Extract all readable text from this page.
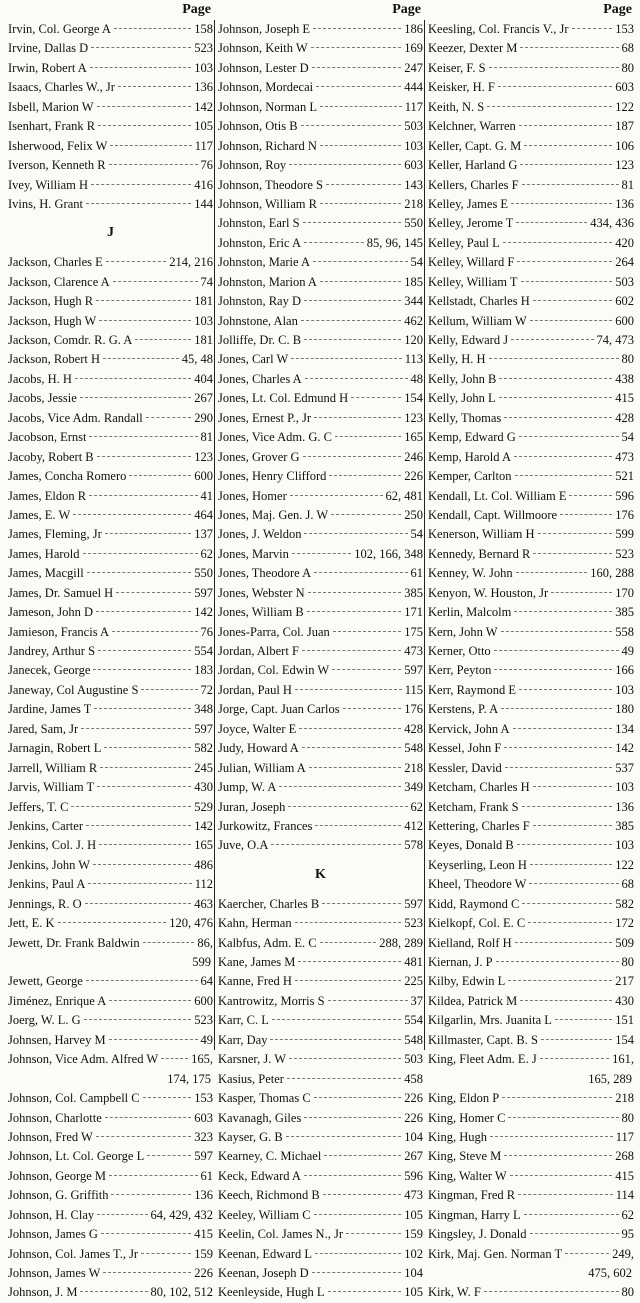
Page
Irvin, Col. George A	158
Irvine, Dallas D	523
Irwin, Robert A	103
Isaacs, Charles W., Jr	136
Isbell, Marion W	142
Isenhart, Frank R	105
Isherwood, Felix W	117
Iverson, Kenneth R	76
Ivey, William H	416
Ivins, H. Grant	144
J
Jackson, Charles E	214, 216
Jackson, Clarence A	74
Jackson, Hugh R	181
Jackson, Hugh W	103
Jackson, Comdr. R. G. A	181
Jackson, Robert H	45, 48
Jacobs, H. H	404
Jacobs, Jessie	267
Jacobs, Vice Adm. Randall	290
Jacobson, Ernst	81
Jacoby, Robert B	123
James, Concha Romero	600
James, Eldon R	41
James, E. W	464
James, Fleming, Jr	137
James, Harold	62
James, Macgill	550
James, Dr. Samuel H	597
Jameson, John D	142
Jamieson, Francis A	76
Jandrey, Arthur S	554
Janecek, George	183
Janeway, Col Augustine S	72
Jardine, James T	348
Jared, Sam, Jr	597
Jarnagin, Robert L	582
Jarrell, William R	245
Jarvis, William T	430
Jeffers, T. C	529
Jenkins, Carter	142
Jenkins, Col. J. H	165
Jenkins, John W	486
Jenkins, Paul A	112
Jennings, R. O	463
Jett, E. K	120, 476
Jewett, Dr. Frank Baldwin	86,
599
Jewett, George	64
Jiménez, Enrique A	600
Joerg, W. L. G	523
Johnsen, Harvey M	49
Johnson, Vice Adm. Alfred W	165,
174, 175
Johnson, Col. Campbell C	153
Johnson, Charlotte	603
Johnson, Fred W	323
Johnson, Lt. Col. George L	597
Johnson, George M	61
Johnson, G. Griffith	136
Johnson, H. Clay	64, 429, 432
Johnson, James G	415
Johnson, Col. James T., Jr	159
Johnson, James W	226
Johnson, J. M	80, 102, 512
Page
Johnson, Joseph E	186
Johnson, Keith W	169
Johnson, Lester D	247
Johnson, Mordecai	444
Johnson, Norman L	117
Johnson, Otis B	503
Johnson, Richard N	103
Johnson, Roy	603
Johnson, Theodore S	143
Johnson, William R	218
Johnston, Earl S	550
Johnston, Eric A	85, 96, 145
Johnston, Marie A	54
Johnston, Marion A	185
Johnston, Ray D	344
Johnstone, Alan	462
Jolliffe, Dr. C. B	120
Jones, Carl W	113
Jones, Charles A	48
Jones, Lt. Col. Edmund H	154
Jones, Ernest P., Jr	123
Jones, Vice Adm. G. C	165
Jones, Grover G	246
Jones, Henry Clifford	226
Jones, Homer	62, 481
Jones, Maj. Gen. J. W	250
Jones, J. Weldon	54
Jones, Marvin	102, 166, 348
Jones, Theodore A	61
Jones, Webster N	385
Jones, William B	171
Jones-Parra, Col. Juan	175
Jordan, Albert F	473
Jordan, Col. Edwin W	597
Jordan, Paul H	115
Jorge, Capt. Juan Carlos	176
Joyce, Walter E	428
Judy, Howard A	548
Julian, William A	218
Jump, W. A	349
Juran, Joseph	62
Jurkowitz, Frances	412
Juve, O.A	578
K
Kaercher, Charles B	597
Kahn, Herman	523
Kalbfus, Adm. E. C	288, 289
Kane, James M	481
Kanne, Fred H	225
Kantrowitz, Morris S	37
Karr, C. L	554
Karr, Day	548
Karsner, J. W	503
Kasius, Peter	458
Kasper, Thomas C	226
Kavanagh, Giles	226
Kayser, G. B	104
Kearney, C. Michael	267
Keck, Edward A	596
Keech, Richmond B	473
Keeley, William C	105
Keelin, Col. James N., Jr	159
Keenan, Edward L	102
Keenan, Joseph D	104
Keenleyside, Hugh L	105
Page
Keesling, Col. Francis V., Jr	153
Keezer, Dexter M	68
Keiser, F. S	80
Keisker, H. F	603
Keith, N. S	122
Kelchner, Warren	187
Keller, Capt. G. M	106
Keller, Harland G	123
Kellers, Charles F	81
Kelley, James E	136
Kelley, Jerome T	434, 436
Kelley, Paul L	420
Kelley, Willard F	264
Kelley, William T	503
Kellstadt, Charles H	602
Kellum, William W	600
Kelly, Edward J	74, 473
Kelly, H. H	80
Kelly, John B	438
Kelly, John L	415
Kelly, Thomas	428
Kemp, Edward G	54
Kemp, Harold A	473
Kemper, Carlton	521
Kendall, Lt. Col. William E	596
Kendall, Capt. Willmoore	176
Kenerson, William H	599
Kennedy, Bernard R	523
Kenney, W. John	160, 288
Kenyon, W. Houston, Jr	170
Kerlin, Malcolm	385
Kern, John W	558
Kerner, Otto	49
Kerr, Peyton	166
Kerr, Raymond E	103
Kerstens, P. A	180
Kervick, John A	134
Kessel, John F	142
Kessler, David	537
Ketcham, Charles H	103
Ketcham, Frank S	136
Kettering, Charles F	385
Keyes, Donald B	103
Keyserling, Leon H	122
Kheel, Theodore W	68
Kidd, Raymond C	582
Kielkopf, Col. E. C	172
Kielland, Rolf H	509
Kiernan, J. P	80
Kilby, Edwin L	217
Kildea, Patrick M	430
Kilgarlin, Mrs. Juanita L	151
Killmaster, Capt. B. S	154
King, Fleet Adm. E. J	161,
165, 289
King, Eldon P	218
King, Homer C	80
King, Hugh	117
King, Steve M	268
King, Walter W	415
Kingman, Fred R	114
Kingman, Harry L	62
Kingsley, J. Donald	95
Kirk, Maj. Gen. Norman T	249,
475, 602
Kirk, W. F	80
